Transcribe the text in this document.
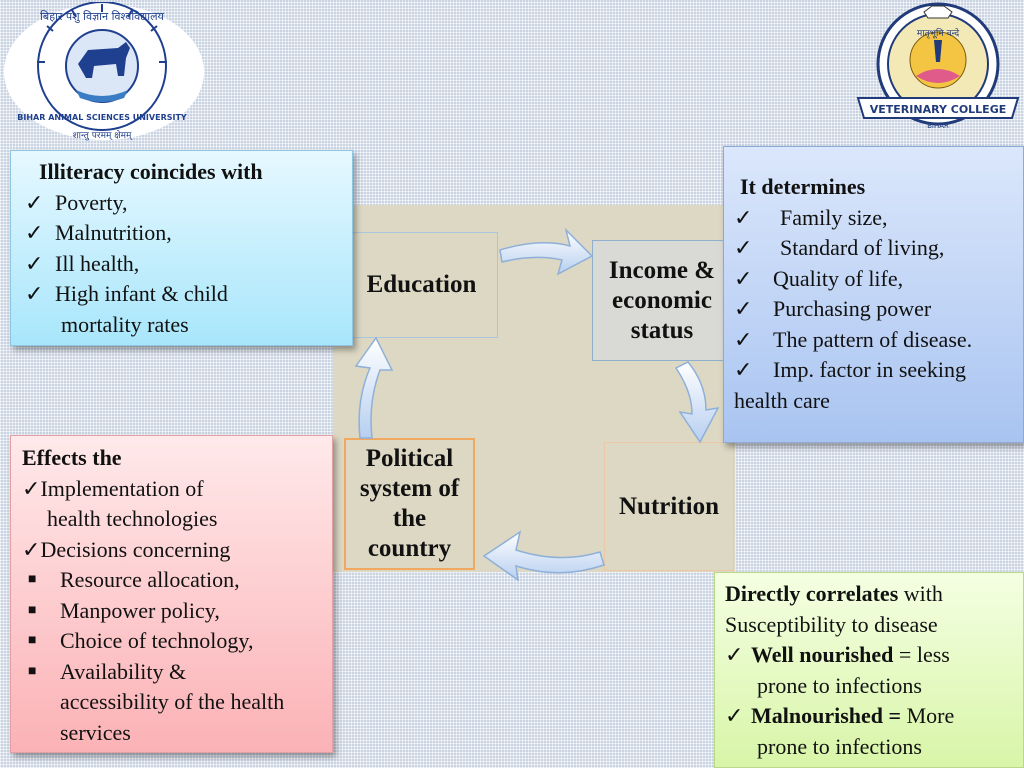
बिहार पशु विज्ञान विश्वविद्यालय
BIHAR ANIMAL SCIENCES UNIVERSITY
शान्तु परमम् क्षेमम्
मातृभूमि वन्दे
VETERINARY COLLEGE
BIHAR
Education
Income &
economic
status
Nutrition
Political
system of
the
country
Illiteracy coincides with
✓ Poverty,
✓ Malnutrition,
✓ Ill health,
✓ High infant & child
mortality rates
It determines
✓	Family size,
✓	Standard of living,
✓ Quality of life,
✓ Purchasing power
✓ The pattern of disease.
✓ Imp. factor in seeking
health care
Effects the
✓ Implementation of
health technologies
✓ Decisions concerning
■	Resource allocation,
■	Manpower policy,
■	Choice of technology,
■	Availability &
accessibility of the health
services
Directly correlates with
Susceptibility to disease
✓ Well nourished = less
prone to infections
✓ Malnourished = More
prone to infections
